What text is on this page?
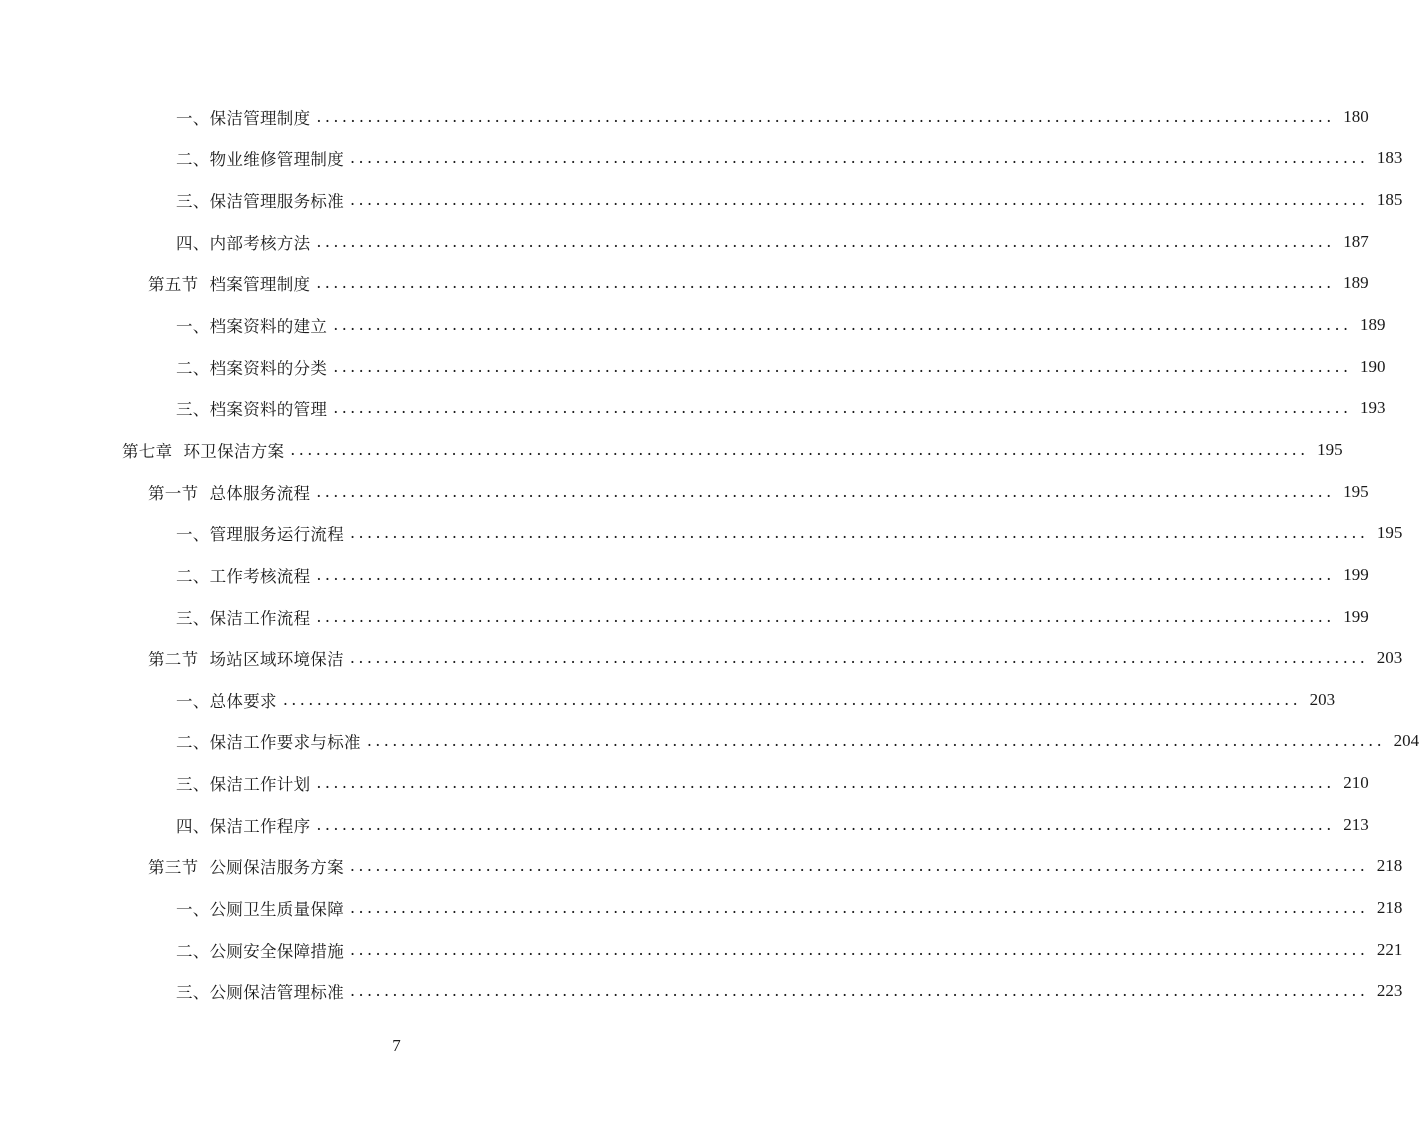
一、保洁管理制度 ........................................................................................................................ 180
二、物业维修管理制度 ........................................................................................................................ 183
三、保洁管理服务标准 ........................................................................................................................ 185
四、内部考核方法 ........................................................................................................................ 187
第五节  档案管理制度 ........................................................................................................................ 189
一、档案资料的建立 ........................................................................................................................ 189
二、档案资料的分类 ........................................................................................................................ 190
三、档案资料的管理 ........................................................................................................................ 193
第七章  环卫保洁方案 ........................................................................................................................ 195
第一节  总体服务流程 ........................................................................................................................ 195
一、管理服务运行流程 ........................................................................................................................ 195
二、工作考核流程 ........................................................................................................................ 199
三、保洁工作流程 ........................................................................................................................ 199
第二节  场站区域环境保洁 ........................................................................................................................ 203
一、总体要求 ........................................................................................................................ 203
二、保洁工作要求与标准 ........................................................................................................................ 204
三、保洁工作计划 ........................................................................................................................ 210
四、保洁工作程序 ........................................................................................................................ 213
第三节  公厕保洁服务方案 ........................................................................................................................ 218
一、公厕卫生质量保障 ........................................................................................................................ 218
二、公厕安全保障措施 ........................................................................................................................ 221
三、公厕保洁管理标准 ........................................................................................................................ 223
7
